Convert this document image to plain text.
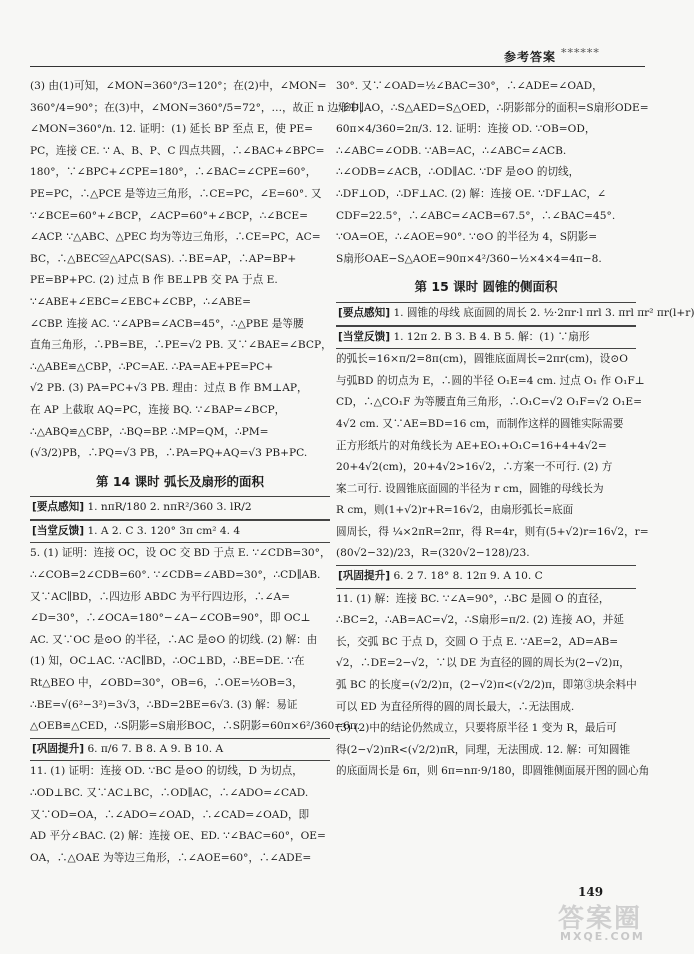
参考答案 ∗∗∗∗∗∗
(3) 由(1)可知，∠MON=360°/3=120°；在(2)中，∠MON=
360°/4=90°；在(3)中，∠MON=360°/5=72°，…，故正 n 边形中，
∠MON=360°/n. 12. 证明：(1) 延长 BP 至点 E，使 PE=
PC，连接 CE. ∵ A、B、P、C 四点共圆，∴∠BAC+∠BPC=
180°，∵∠BPC+∠CPE=180°，∴∠BAC=∠CPE=60°，
PE=PC，∴△PCE 是等边三角形，∴CE=PC，∠E=60°. 又
∵∠BCE=60°+∠BCP，∠ACP=60°+∠BCP，∴∠BCE=
∠ACP. ∵△ABC、△PEC 均为等边三角形，∴CE=PC，AC=
BC，∴△BEC≌△APC(SAS). ∴BE=AP，∴AP=BP+
PE=BP+PC. (2) 过点 B 作 BE⊥PB 交 PA 于点 E.
∵∠ABE+∠EBC=∠EBC+∠CBP，∴∠ABE=
∠CBP. 连接 AC. ∵∠APB=∠ACB=45°，∴△PBE 是等腰
直角三角形，∴PB=BE，∴PE=√2 PB. 又∵∠BAE=∠BCP，
∴△ABE≌△CBP，∴PC=AE. ∴PA=AE+PE=PC+
√2 PB. (3) PA=PC+√3 PB. 理由：过点 B 作 BM⊥AP，
在 AP 上截取 AQ=PC，连接 BQ. ∵∠BAP=∠BCP，
∴△ABQ≌△CBP，∴BQ=BP. ∴MP=QM，∴PM=
(√3/2)PB，∴PQ=√3 PB，∴PA=PQ+AQ=√3 PB+PC.
第 14 课时 弧长及扇形的面积
[要点感知] 1. nπR/180 2. nπR²/360 3. lR/2
[当堂反馈] 1. A 2. C 3. 120° 3π cm² 4. 4
5. (1) 证明：连接 OC，设 OC 交 BD 于点 E. ∵∠CDB=30°，
∴∠COB=2∠CDB=60°. ∵∠CDB=∠ABD=30°，∴CD∥AB.
又∵AC∥BD，∴四边形 ABDC 为平行四边形，∴∠A=
∠D=30°，∴∠OCA=180°−∠A−∠COB=90°，即 OC⊥
AC. 又∵OC 是⊙O 的半径，∴AC 是⊙O 的切线. (2) 解：由
(1) 知，OC⊥AC. ∵AC∥BD，∴OC⊥BD，∴BE=DE. ∵在
Rt△BEO 中，∠OBD=30°，OB=6，∴OE=½OB=3，
∴BE=√(6²−3²)=3√3，∴BD=2BE=6√3. (3) 解：易证
△OEB≌△CED，∴S阴影=S扇形BOC，∴S阴影=60π×6²/360=6π.
[巩固提升] 6. π/6 7. B 8. A 9. B 10. A
11. (1) 证明：连接 OD. ∵BC 是⊙O 的切线，D 为切点，
∴OD⊥BC. 又∵AC⊥BC，∴OD∥AC，∴∠ADO=∠CAD.
又∵OD=OA，∴∠ADO=∠OAD，∴∠CAD=∠OAD，即
AD 平分∠BAC. (2) 解：连接 OE、ED. ∵∠BAC=60°，OE=
OA，∴△OAE 为等边三角形，∴∠AOE=60°，∴∠ADE=
30°. 又∵∠OAD=½∠BAC=30°，∴∠ADE=∠OAD，
∴ED∥AO，∴S△AED=S△OED，∴阴影部分的面积=S扇形ODE=
60π×4/360=2π/3. 12. 证明：连接 OD. ∵OB=OD，
∴∠ABC=∠ODB. ∵AB=AC，∴∠ABC=∠ACB.
∴∠ODB=∠ACB，∴OD∥AC. ∵DF 是⊙O 的切线，
∴DF⊥OD，∴DF⊥AC. (2) 解：连接 OE. ∵DF⊥AC，∠
CDF=22.5°，∴∠ABC=∠ACB=67.5°，∴∠BAC=45°.
∵OA=OE，∴∠AOE=90°. ∵⊙O 的半径为 4，S阴影=
S扇形OAE−S△AOE=90π×4²/360−½×4×4=4π−8.
第 15 课时 圆锥的侧面积
[要点感知] 1. 圆锥的母线 底面圆的周长 2. ½·2πr·l πrl 3. πrl πr² πr(l+r)
[当堂反馈] 1. 12π 2. B 3. B 4. B 5. 解：(1) ∵扇形
的弧长=16×π/2=8π(cm)，圆锥底面周长=2πr(cm)，设⊙O
与弧BD 的切点为 E，∴圆的半径 O₁E=4 cm. 过点 O₁ 作 O₁F⊥
CD，∴△CO₁F 为等腰直角三角形，∴O₁C=√2 O₁F=√2 O₁E=
4√2 cm. 又∵AE=BD=16 cm，而制作这样的圆锥实际需要
正方形纸片的对角线长为 AE+EO₁+O₁C=16+4+4√2=
20+4√2(cm)，20+4√2>16√2，∴方案一不可行. (2) 方
案二可行. 设圆锥底面圆的半径为 r cm，圆锥的母线长为
R cm，则(1+√2)r+R=16√2，由扇形弧长=底面
圆周长，得 ¼×2πR=2πr，得 R=4r，则有(5+√2)r=16√2，r=
(80√2−32)/23，R=(320√2−128)/23.
[巩固提升] 6. 2 7. 18° 8. 12π 9. A 10. C
11. (1) 解：连接 BC. ∵∠A=90°，∴BC 是圆 O 的直径，
∴BC=2，∴AB=AC=√2，∴S扇形=π/2. (2) 连接 AO，并延
长，交弧 BC 于点 D，交圆 O 于点 E. ∵AE=2，AD=AB=
√2，∴DE=2−√2，∵以 DE 为直径的圆的周长为(2−√2)π，
弧 BC 的长度=(√2/2)π，(2−√2)π<(√2/2)π，即第③块余料中
可以 ED 为直径所得的圆的周长最大，∴无法围成.
(3) (2)中的结论仍然成立，只要将原半径 1 变为 R，最后可
得(2−√2)πR<(√2/2)πR，同理，无法围成. 12. 解：可知圆锥
的底面周长是 6π，则 6π=nπ·9/180，即圆锥侧面展开图的圆心角
149
答案圈
MXQE.COM
